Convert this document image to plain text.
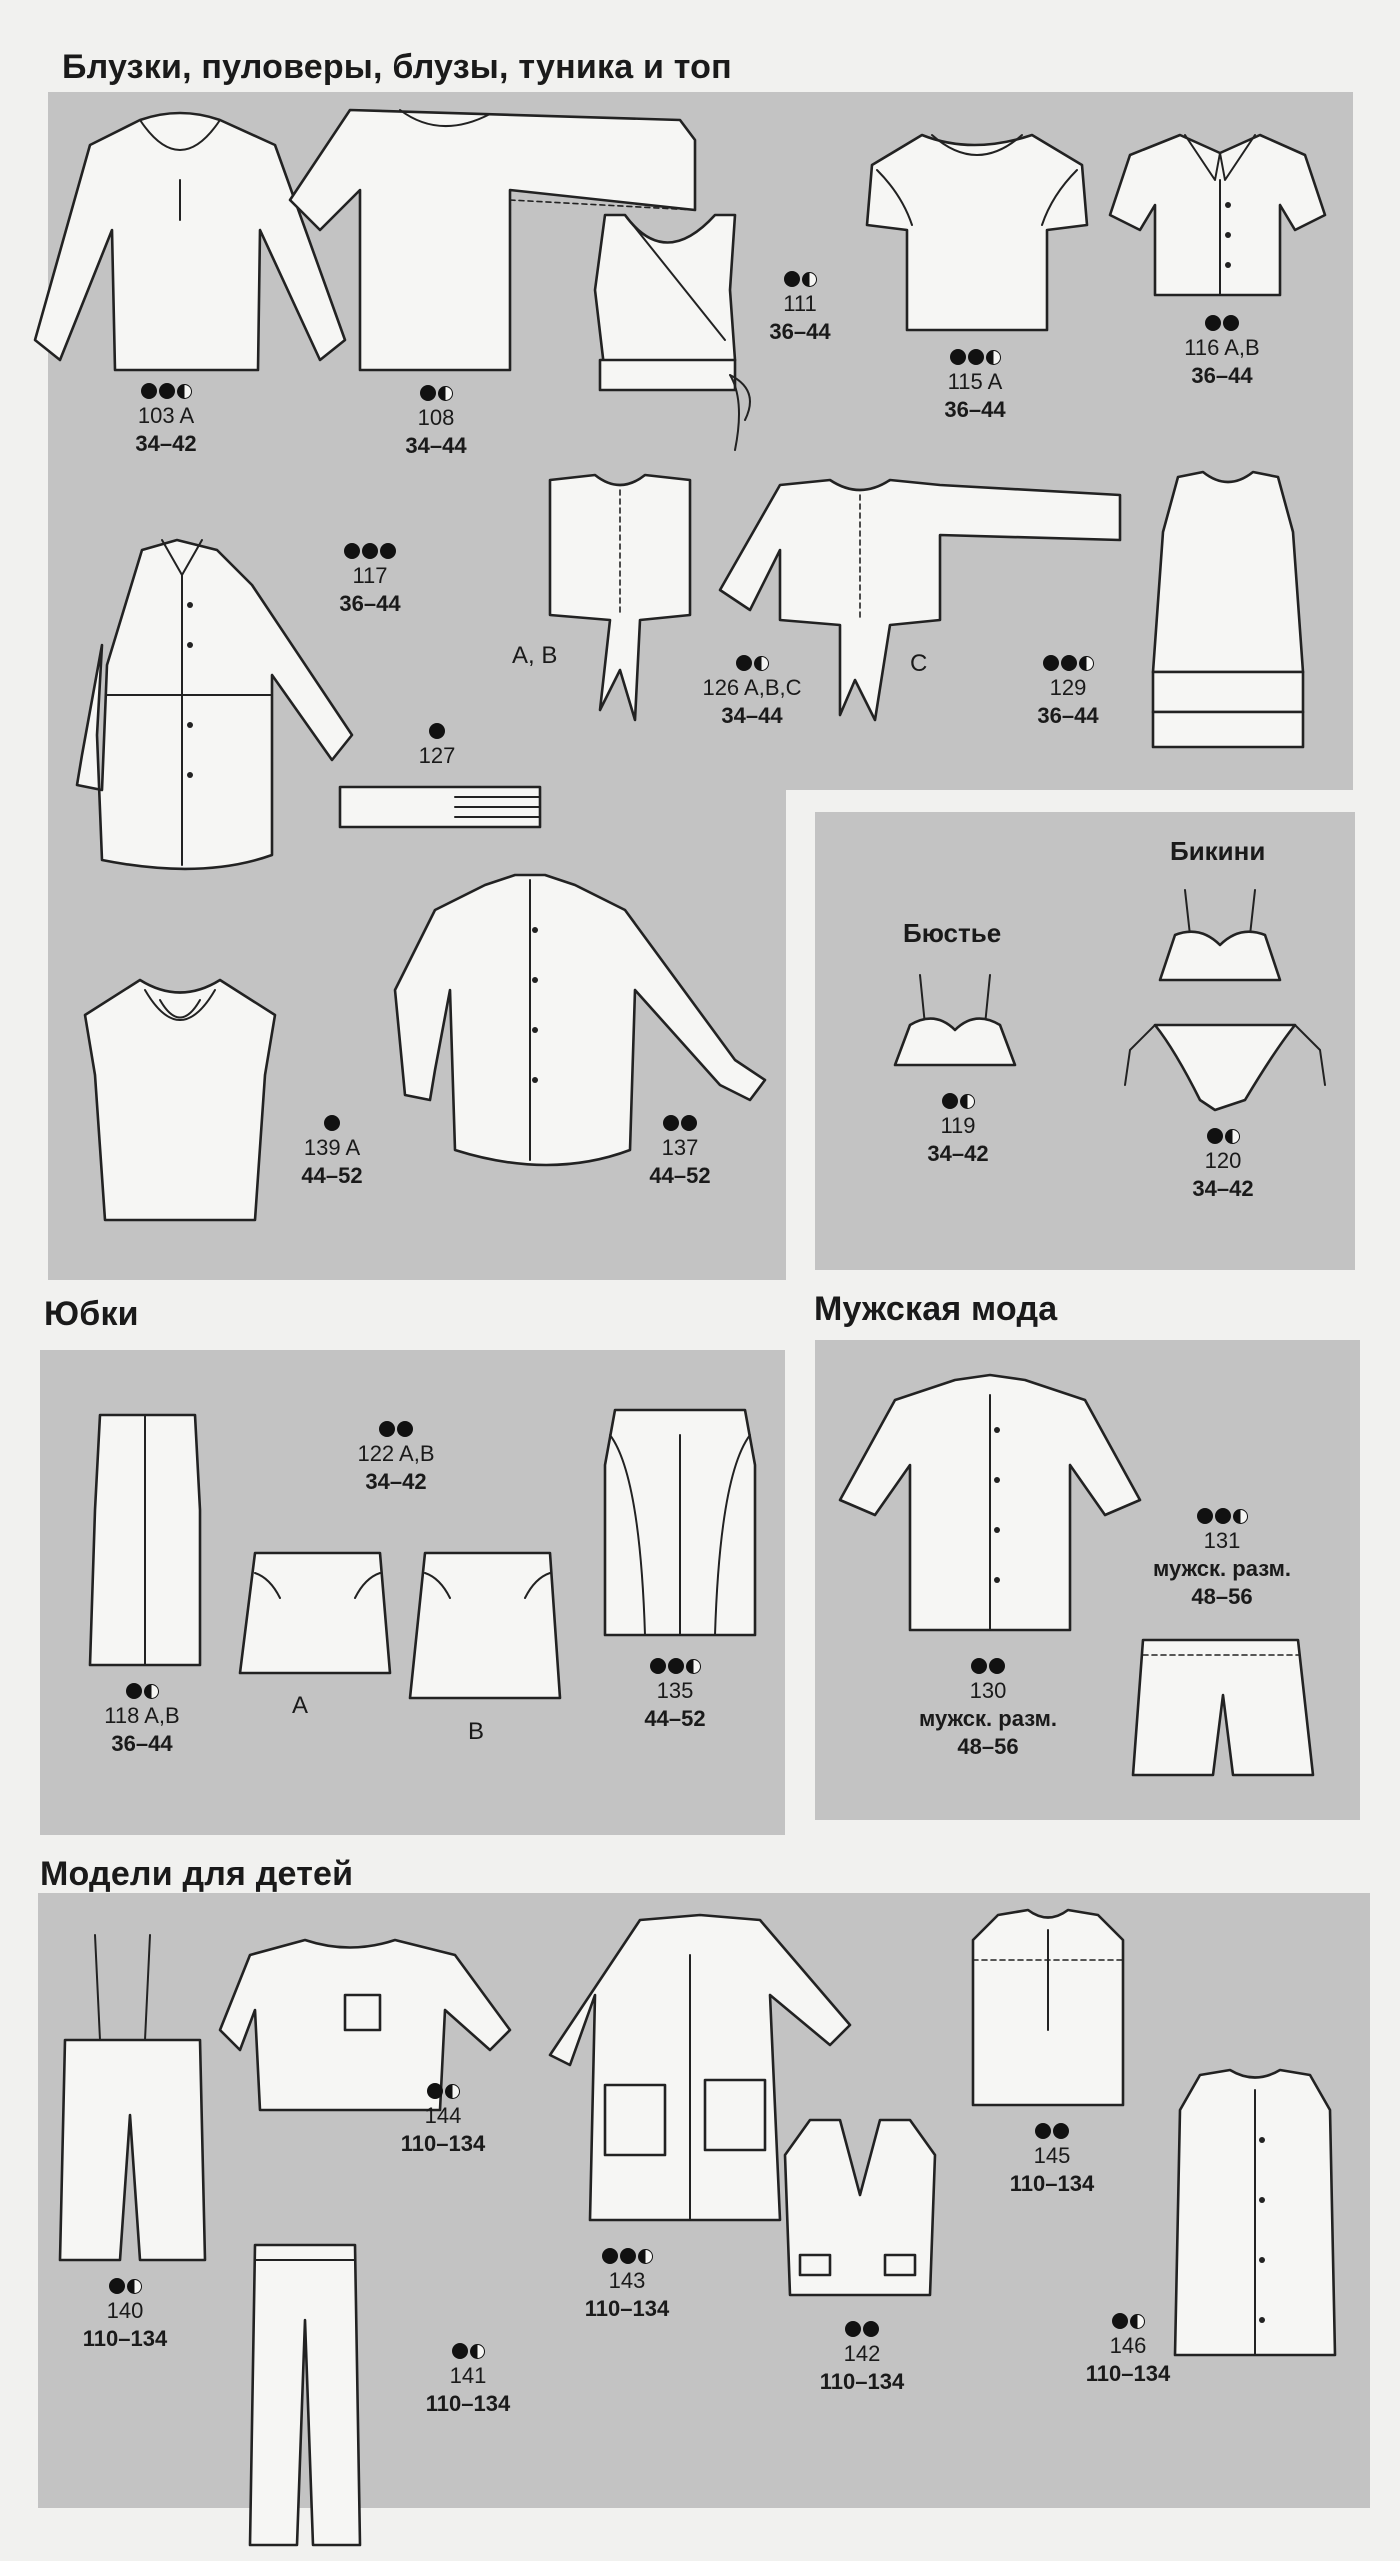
Блузки, пуловеры, блузы, туника и топ
Юбки	Мужская мода
Модели для детей
103 A
34–42
108
34–44
111
36–44
115 A
36–44
116 A,B
36–44
117
36–44
A, B
126 A,B,C
34–44
C
129
36–44
127
139 A
44–52
137
44–52
Бюстье
Бикини
119
34–42	120
34–42
122 A,B
34–42
118 A,B
36–44
A
B
135
44–52
131
мужск. разм.
48–56
130
мужск. разм.
48–56
144
110–134
140
110–134
141
110–134
143
110–134
142
110–134
145
110–134
146
110–134
